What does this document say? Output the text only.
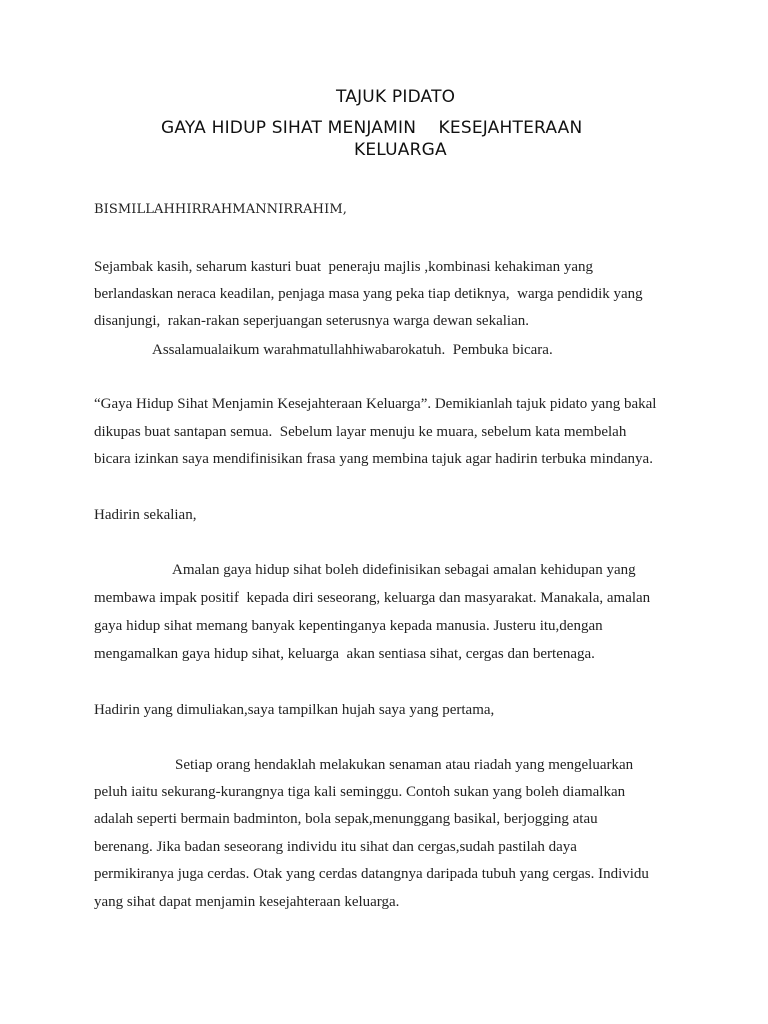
TAJUK PIDATO
GAYA HIDUP SIHAT MENJAMIN    KESEJAHTERAAN
KELUARGA
BISMILLAHHIRRAHMANNIRRAHIM,
Sejambak kasih, seharum kasturi buat  peneraju majlis ,kombinasi kehakiman yang
berlandaskan neraca keadilan, penjaga masa yang peka tiap detiknya,  warga pendidik yang
disanjungi,  rakan-rakan seperjuangan seterusnya warga dewan sekalian.
Assalamualaikum warahmatullahhiwabarokatuh.  Pembuka bicara.
“Gaya Hidup Sihat Menjamin Kesejahteraan Keluarga”. Demikianlah tajuk pidato yang bakal
dikupas buat santapan semua.  Sebelum layar menuju ke muara, sebelum kata membelah
bicara izinkan saya mendifinisikan frasa yang membina tajuk agar hadirin terbuka mindanya.
Hadirin sekalian,
Amalan gaya hidup sihat boleh didefinisikan sebagai amalan kehidupan yang
membawa impak positif  kepada diri seseorang, keluarga dan masyarakat. Manakala, amalan
gaya hidup sihat memang banyak kepentinganya kepada manusia. Justeru itu,dengan
mengamalkan gaya hidup sihat, keluarga  akan sentiasa sihat, cergas dan bertenaga.
Hadirin yang dimuliakan,saya tampilkan hujah saya yang pertama,
Setiap orang hendaklah melakukan senaman atau riadah yang mengeluarkan
peluh iaitu sekurang-kurangnya tiga kali seminggu. Contoh sukan yang boleh diamalkan
adalah seperti bermain badminton, bola sepak,menunggang basikal, berjogging atau
berenang. Jika badan seseorang individu itu sihat dan cergas,sudah pastilah daya
permikiranya juga cerdas. Otak yang cerdas datangnya daripada tubuh yang cergas. Individu
yang sihat dapat menjamin kesejahteraan keluarga.
